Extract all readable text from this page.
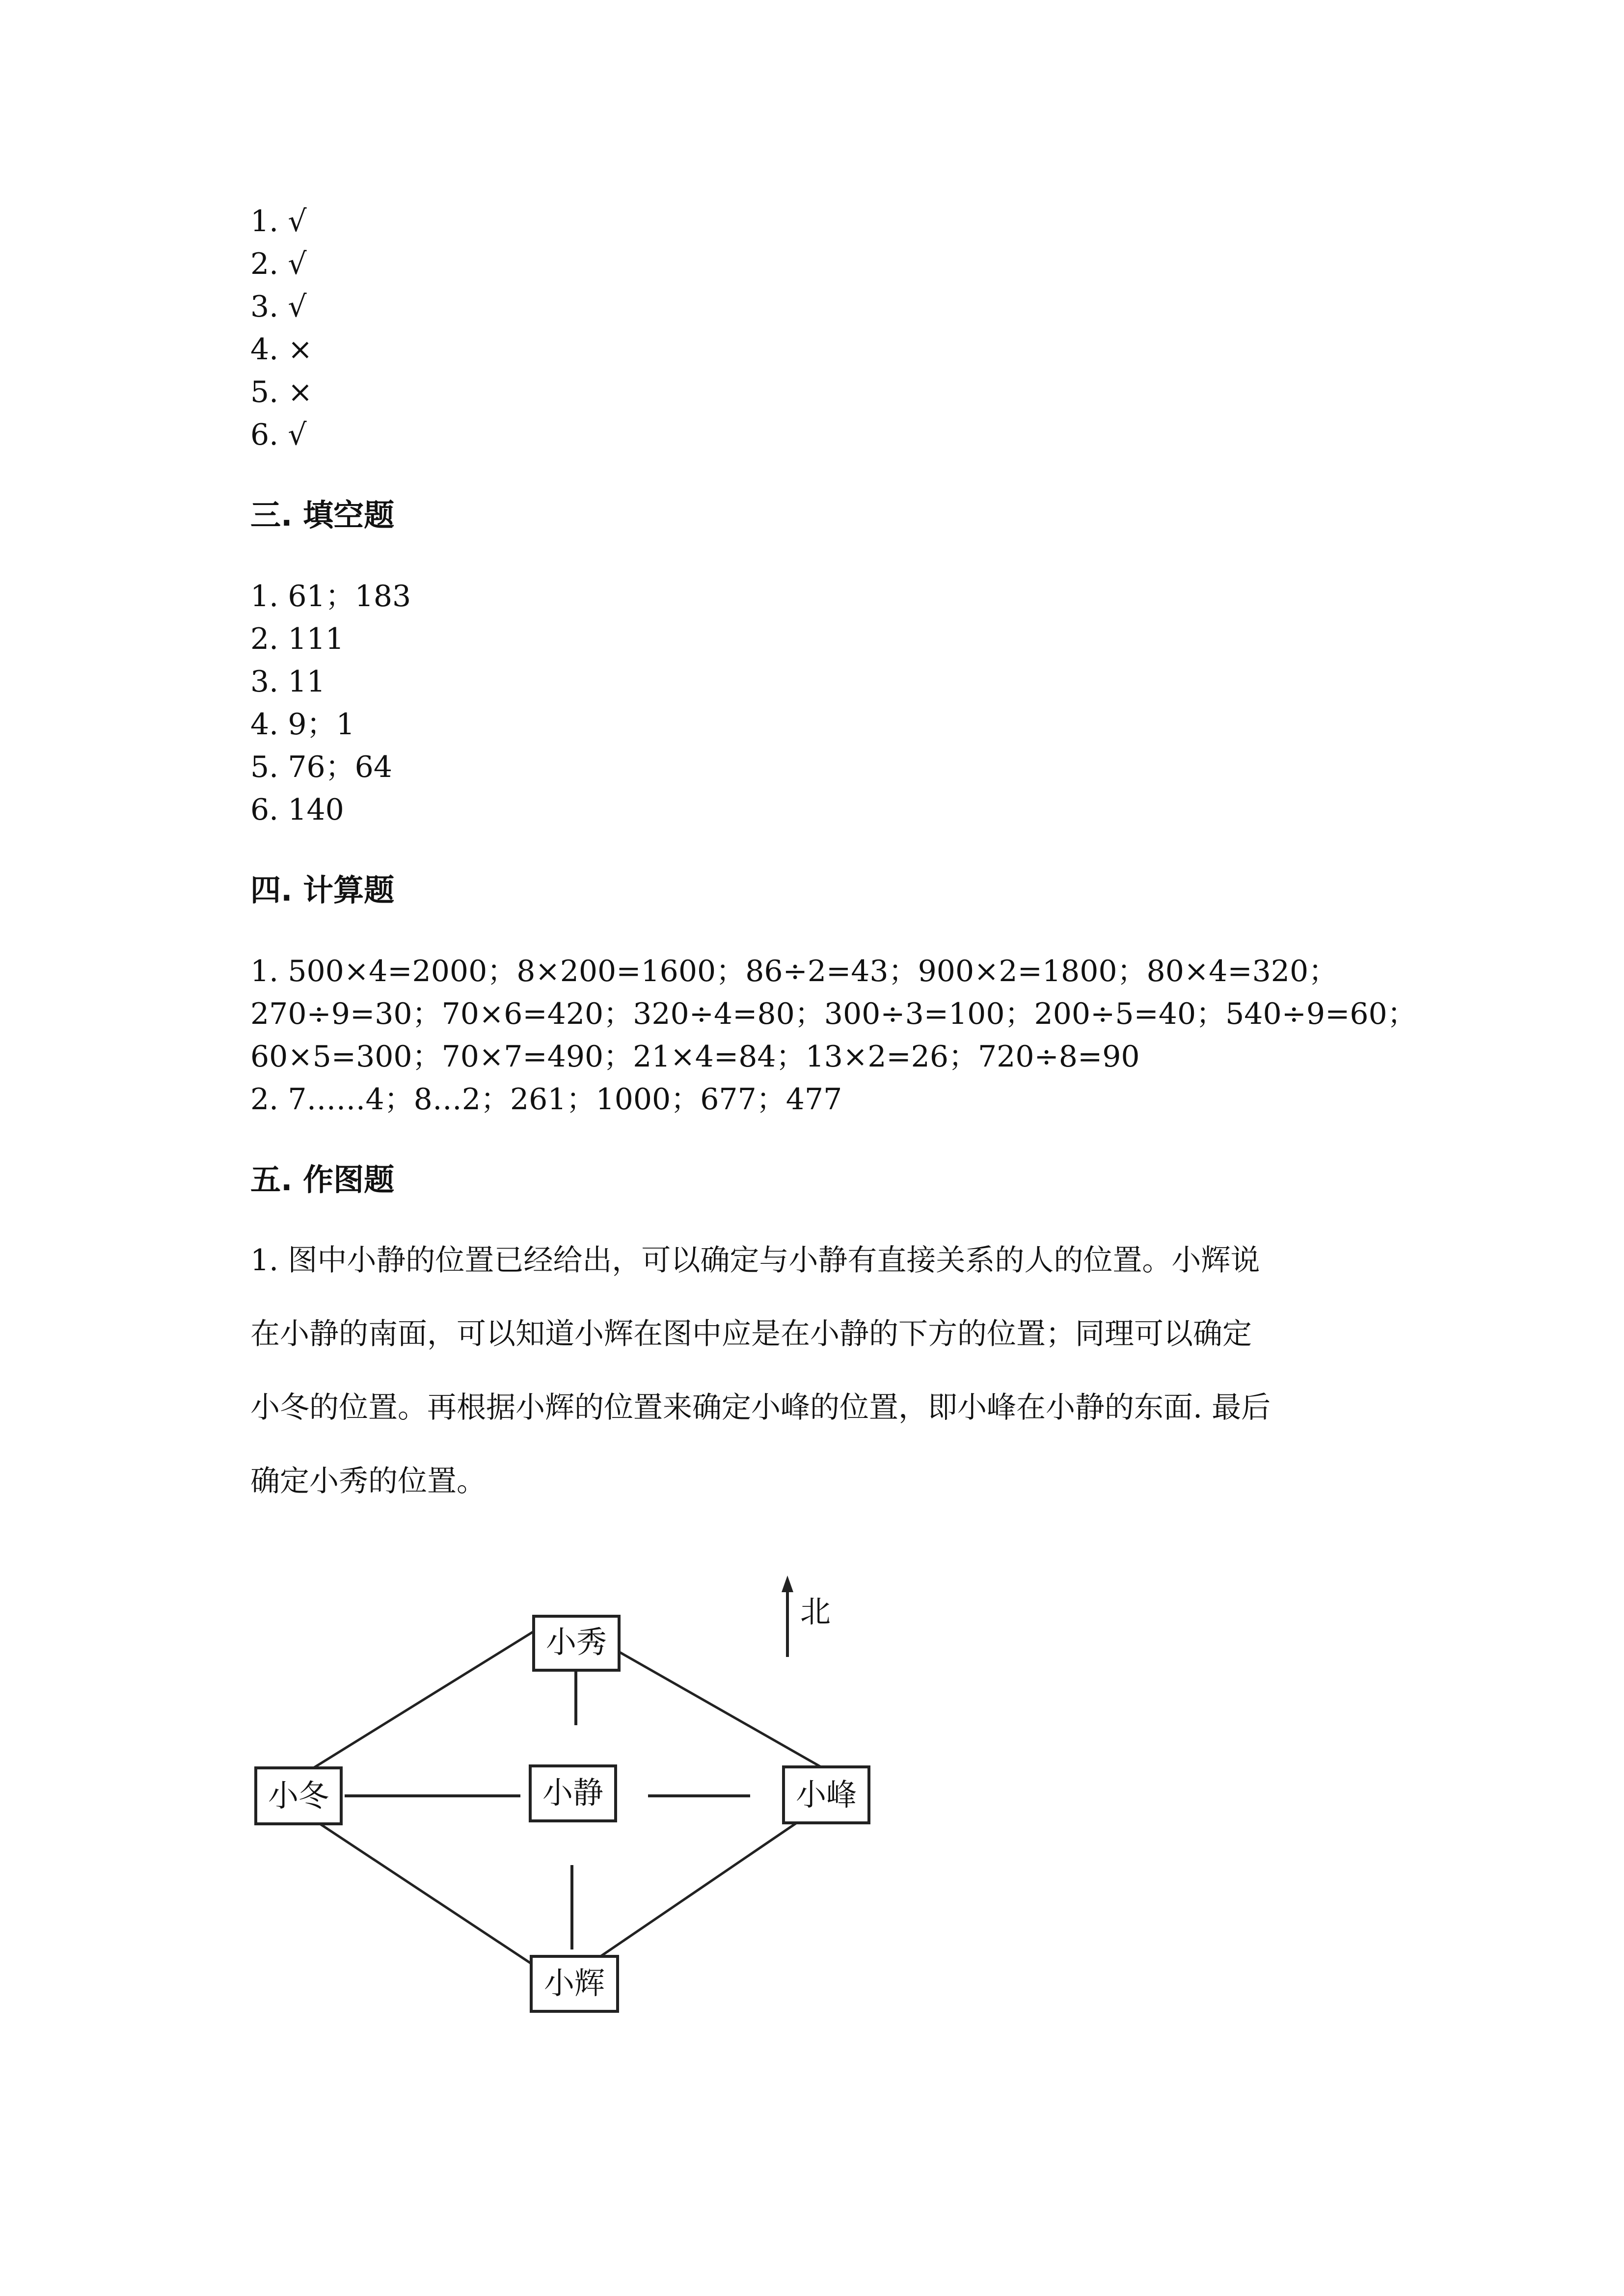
1. √
2. √
3. √
4. ×
5. ×
6. √
三. 填空题
1. 61；183
2. 111
3. 11
4. 9；1
5. 76；64
6. 140
四. 计算题
1. 500×4=2000；8×200=1600；86÷2=43；900×2=1800；80×4=320；
270÷9=30；70×6=420；320÷4=80；300÷3=100；200÷5=40；540÷9=60；
60×5=300；70×7=490；21×4=84；13×2=26；720÷8=90
2. 7……4；8…2；261；1000；677；477
五. 作图题
1. 图中小静的位置已经给出，可以确定与小静有直接关系的人的位置。小辉说
在小静的南面，可以知道小辉在图中应是在小静的下方的位置；同理可以确定
小冬的位置。再根据小辉的位置来确定小峰的位置，即小峰在小静的东面. 最后
确定小秀的位置。
小秀
小冬	小静	小峰
小辉
北
